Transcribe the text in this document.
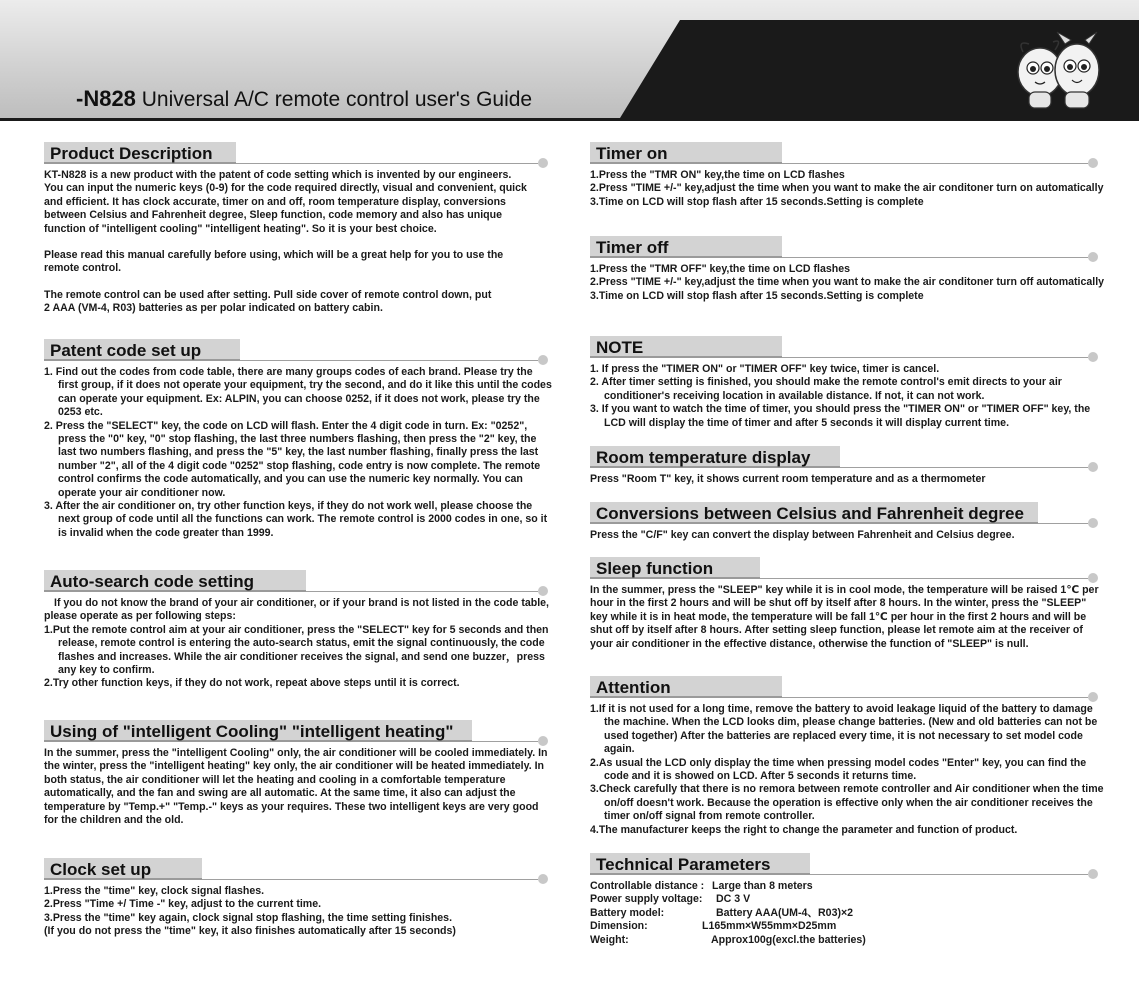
-N828 Universal A/C remote control user's Guide
Product Description

KT-N828 is a new product with the patent of code setting which is invented by our engineers.

You can input the numeric keys (0-9) for the code required directly, visual and convenient, quick

and efficient. It has clock accurate, timer on and off, room temperature display, conversions

between Celsius and Fahrenheit degree, Sleep function, code memory and also has unique

function of "intelligent cooling" "intelligent heating". So it is your best choice.

Please read this manual carefully before using, which will be a great help for you to use the

remote control.

The remote control can be used after setting. Pull side cover of remote control down, put

2 AAA (VM-4, R03) batteries as per polar indicated on battery cabin.

Patent code set up

1. Find out the codes from code table, there are many groups codes of each brand. Please try the first group, if it does not operate your equipment, try the second, and do it like this until the codes can operate your equipment. Ex: ALPIN, you can choose 0252, if it does not work, please try the 0253 etc.

2. Press the "SELECT" key, the code on LCD will flash. Enter the 4 digit code in turn. Ex: "0252", press the "0" key, "0" stop flashing, the last three numbers flashing, then press the "2" key, the last two numbers flashing, and press the "5" key, the last number flashing, finally press the last number "2", all of the 4 digit code "0252" stop flashing, code entry is now complete. The remote control confirms the code automatically, and you can use the numeric key normally. You can operate your air conditioner now.

3. After the air conditioner on, try other function keys, if they do not work well, please choose the next group of code until all the functions can work. The remote control is 2000 codes in one, so it is invalid when the code greater than 1999.

Auto-search code setting

If you do not know the brand of your air conditioner, or if your brand is not listed in the code table, please operate as per following steps:

1.Put the remote control aim at your air conditioner, press the "SELECT" key for 5 seconds and then release, remote control is entering the auto-search status, emit the signal continuously, the code flashes and increases. While the air conditioner receives the signal, and send one buzzer，press any key to confirm.

2.Try other function keys, if they do not work, repeat above steps until it is correct.

Using of "intelligent Cooling" "intelligent heating"

In the summer, press the "intelligent Cooling" only, the air conditioner will be cooled immediately. In the winter, press the "intelligent heating" key only, the air conditioner will be heated immediately. In both status, the air conditioner will let the heating and cooling in a comfortable temperature automatically, and the fan and swing are all automatic. At the same time, it also can adjust the temperature by "Temp.+" "Temp.-" keys as your requires. These two intelligent keys are very good for the children and the old.

Clock set up

1.Press the "time" key, clock signal flashes.

2.Press "Time +/ Time -" key, adjust to the current time.

3.Press the "time" key again, clock signal stop flashing, the time setting finishes.

(If you do not press the "time" key, it also finishes automatically after 15 seconds)

Timer on

1.Press the "TMR ON" key,the time on LCD flashes

2.Press "TIME +/-" key,adjust the time when you want to make the air conditoner turn on automatically

3.Time on LCD will stop flash after 15 seconds.Setting is complete

Timer off

1.Press the "TMR OFF" key,the time on LCD flashes

2.Press "TIME +/-" key,adjust the time when you want to make the air conditoner turn off automatically

3.Time on LCD will stop flash after 15 seconds.Setting is complete

NOTE

1. If press the "TIMER ON" or "TIMER OFF" key twice, timer is cancel.

2. After timer setting is finished, you should make the remote control's emit directs to your air conditioner's receiving location in available distance. If not, it can not work.

3. If you want to watch the time of timer, you should press the "TIMER ON" or "TIMER OFF" key, the LCD will display the time of timer and after 5 seconds it will display current time.

Room temperature display

Press "Room T" key, it shows current room temperature and as a thermometer

Conversions between Celsius and Fahrenheit degree

Press the "C/F" key can convert the display between Fahrenheit and Celsius degree.

Sleep function

In the summer, press the "SLEEP" key while it is in cool mode, the temperature will be raised 1℃ per hour in the first 2 hours and will be shut off by itself after 8 hours. In the winter, press the "SLEEP" key while it is in heat mode, the temperature will be fall 1℃ per hour in the first 2 hours and will be shut off by itself after 8 hours. After setting sleep function, please let remote aim at the receiver of your air conditioner in the effective distance, otherwise the function of "SLEEP" is null.

Attention

1.If it is not used for a long time, remove the battery to avoid leakage liquid of the battery to damage the machine. When the LCD looks dim, please change batteries. (New and old batteries can not be used together) After the batteries are replaced every time, it is not necessary to set model code again.

2.As usual the LCD only display the time when pressing model codes "Enter" key, you can find the code and it is showed on LCD. After 5 seconds it returns time.

3.Check carefully that there is no remora between remote controller and Air conditioner when the time on/off doesn't work. Because the operation is effective only when the air conditioner receives the timer on/off signal from remote controller.

4.The manufacturer keeps the right to change the parameter and function of product.

Technical Parameters
Controllable distance : Large than 8 meters
Power supply voltage:	DC 3 V
Battery model:	Battery AAA(UM-4、R03)×2
Dimension:	L165mm×W55mm×D25mm
Weight:	Approx100g(excl.the batteries)
